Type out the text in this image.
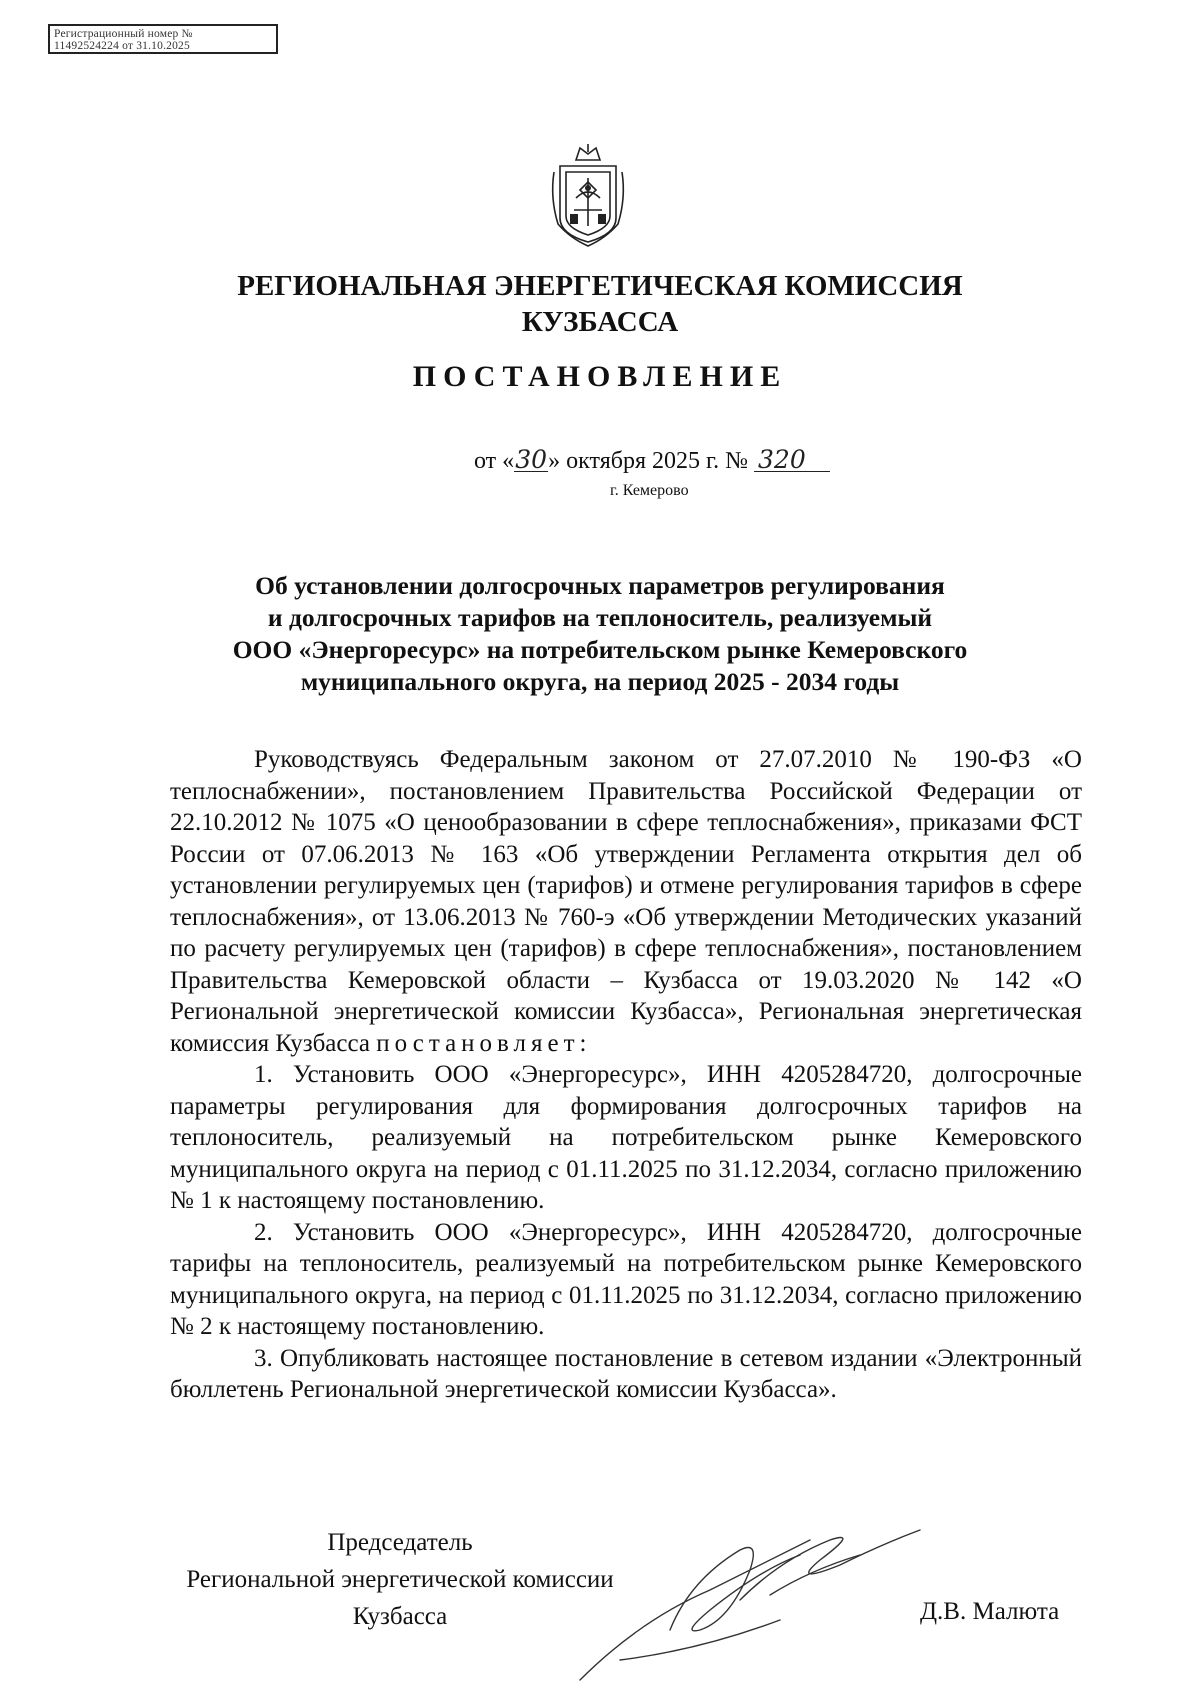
Регистрационный номер №
11492524224 от 31.10.2025
РЕГИОНАЛЬНАЯ ЭНЕРГЕТИЧЕСКАЯ КОМИССИЯ
КУЗБАССА
ПОСТАНОВЛЕНИЕ
от «30» октября 2025 г. № 320
г. Кемерово
Об установлении долгосрочных параметров регулирования
и долгосрочных тарифов на теплоноситель, реализуемый
ООО «Энергоресурс» на потребительском рынке Кемеровского
муниципального округа, на период 2025 - 2034 годы

Руководствуясь Федеральным законом от 27.07.2010 № 190-ФЗ «О теплоснабжении», постановлением Правительства Российской Федерации от 22.10.2012 № 1075 «О ценообразовании в сфере теплоснабжения», приказами ФСТ России от 07.06.2013 № 163 «Об утверждении Регламента открытия дел об установлении регулируемых цен (тарифов) и отмене регулирования тарифов в сфере теплоснабжения», от 13.06.2013 № 760-э «Об утверждении Методических указаний по расчету регулируемых цен (тарифов) в сфере теплоснабжения», постановлением Правительства Кемеровской области – Кузбасса от 19.03.2020 № 142 «О Региональной энергетической комиссии Кузбасса», Региональная энергетическая комиссия Кузбасса постановляет:

1. Установить ООО «Энергоресурс», ИНН 4205284720, долгосрочные параметры регулирования для формирования долгосрочных тарифов на теплоноситель, реализуемый на потребительском рынке Кемеровского муниципального округа на период с 01.11.2025 по 31.12.2034, согласно приложению № 1 к настоящему постановлению.

2. Установить ООО «Энергоресурс», ИНН 4205284720, долгосрочные тарифы на теплоноситель, реализуемый на потребительском рынке Кемеровского муниципального округа, на период с 01.11.2025 по 31.12.2034, согласно приложению № 2 к настоящему постановлению.

3. Опубликовать настоящее постановление в сетевом издании «Электронный бюллетень Региональной энергетической комиссии Кузбасса».

Председатель
Региональной энергетической комиссии
Кузбасса	Д.В. Малюта
